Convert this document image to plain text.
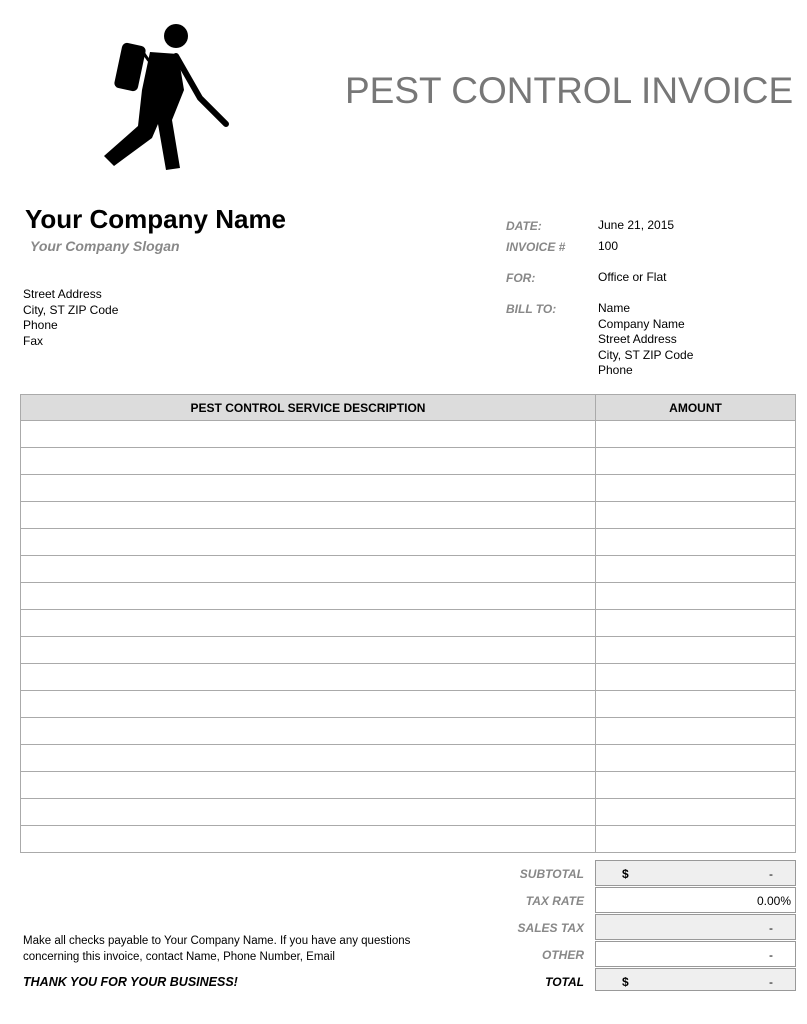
PEST CONTROL INVOICE
Your Company Name
Your Company Slogan
Street Address
City, ST ZIP Code
Phone
Fax
DATE:	June 21, 2015
INVOICE #	100
FOR:	Office or Flat
BILL TO:	Name
Company Name
Street Address
City, ST ZIP Code
Phone
PEST CONTROL SERVICE DESCRIPTION	AMOUNT

SUBTOTAL	$	-
TAX RATE	0.00%
SALES TAX	-
OTHER	-
TOTAL	$	-
Make all checks payable to Your Company Name. If you have any questions concerning this invoice, contact Name, Phone Number, Email
THANK YOU FOR YOUR BUSINESS!
